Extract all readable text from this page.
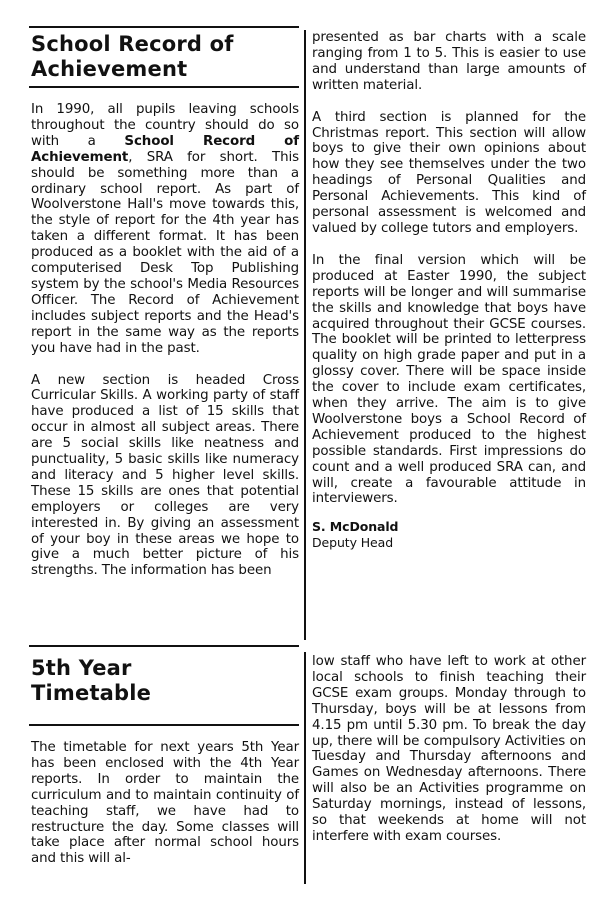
School Record of
Achievement

In 1990, all pupils leaving schools throughout the country should do so with a School Record of Achievement, SRA for short. This should be something more than a ordinary school report. As part of Woolverstone Hall's move towards this, the style of report for the 4th year has taken a different format. It has been produced as a booklet with the aid of a computerised Desk Top Publishing system by the school's Media Resources Officer. The Record of Achievement includes subject reports and the Head's report in the same way as the reports you have had in the past.

A new section is headed Cross Curricular Skills. A working party of staff have produced a list of 15 skills that occur in almost all subject areas. There are 5 social skills like neatness and punctuality, 5 basic skills like numeracy and literacy and 5 higher level skills. These 15 skills are ones that potential employers or colleges are very interested in. By giving an assessment of your boy in these areas we hope to give a much better picture of his strengths. The information has been

presented as bar charts with a scale ranging from 1 to 5. This is easier to use and understand than large amounts of written material.

A third section is planned for the Christmas report. This section will allow boys to give their own opinions about how they see themselves under the two headings of Personal Qualities and Personal Achievements. This kind of personal assessment is welcomed and valued by college tutors and employers.

In the final version which will be produced at Easter 1990, the subject reports will be longer and will summarise the skills and knowledge that boys have acquired throughout their GCSE courses. The booklet will be printed to letterpress quality on high grade paper and put in a glossy cover. There will be space inside the cover to include exam certificates, when they arrive. The aim is to give Woolverstone boys a School Record of Achievement produced to the highest possible standards. First impressions do count and a well produced SRA can, and will, create a favourable attitude in interviewers.

S. McDonald
Deputy Head
5th Year
Timetable

The timetable for next years 5th Year has been enclosed with the 4th Year reports. In order to maintain the curriculum and to maintain continuity of teaching staff, we have had to restructure the day. Some classes will take place after normal school hours and this will al-

low staff who have left to work at other local schools to finish teaching their GCSE exam groups. Monday through to Thursday, boys will be at lessons from 4.15 pm until 5.30 pm. To break the day up, there will be compulsory Activities on Tuesday and Thursday afternoons and Games on Wednesday afternoons. There will also be an Activities programme on Saturday mornings, instead of lessons, so that weekends at home will not interfere with exam courses.
